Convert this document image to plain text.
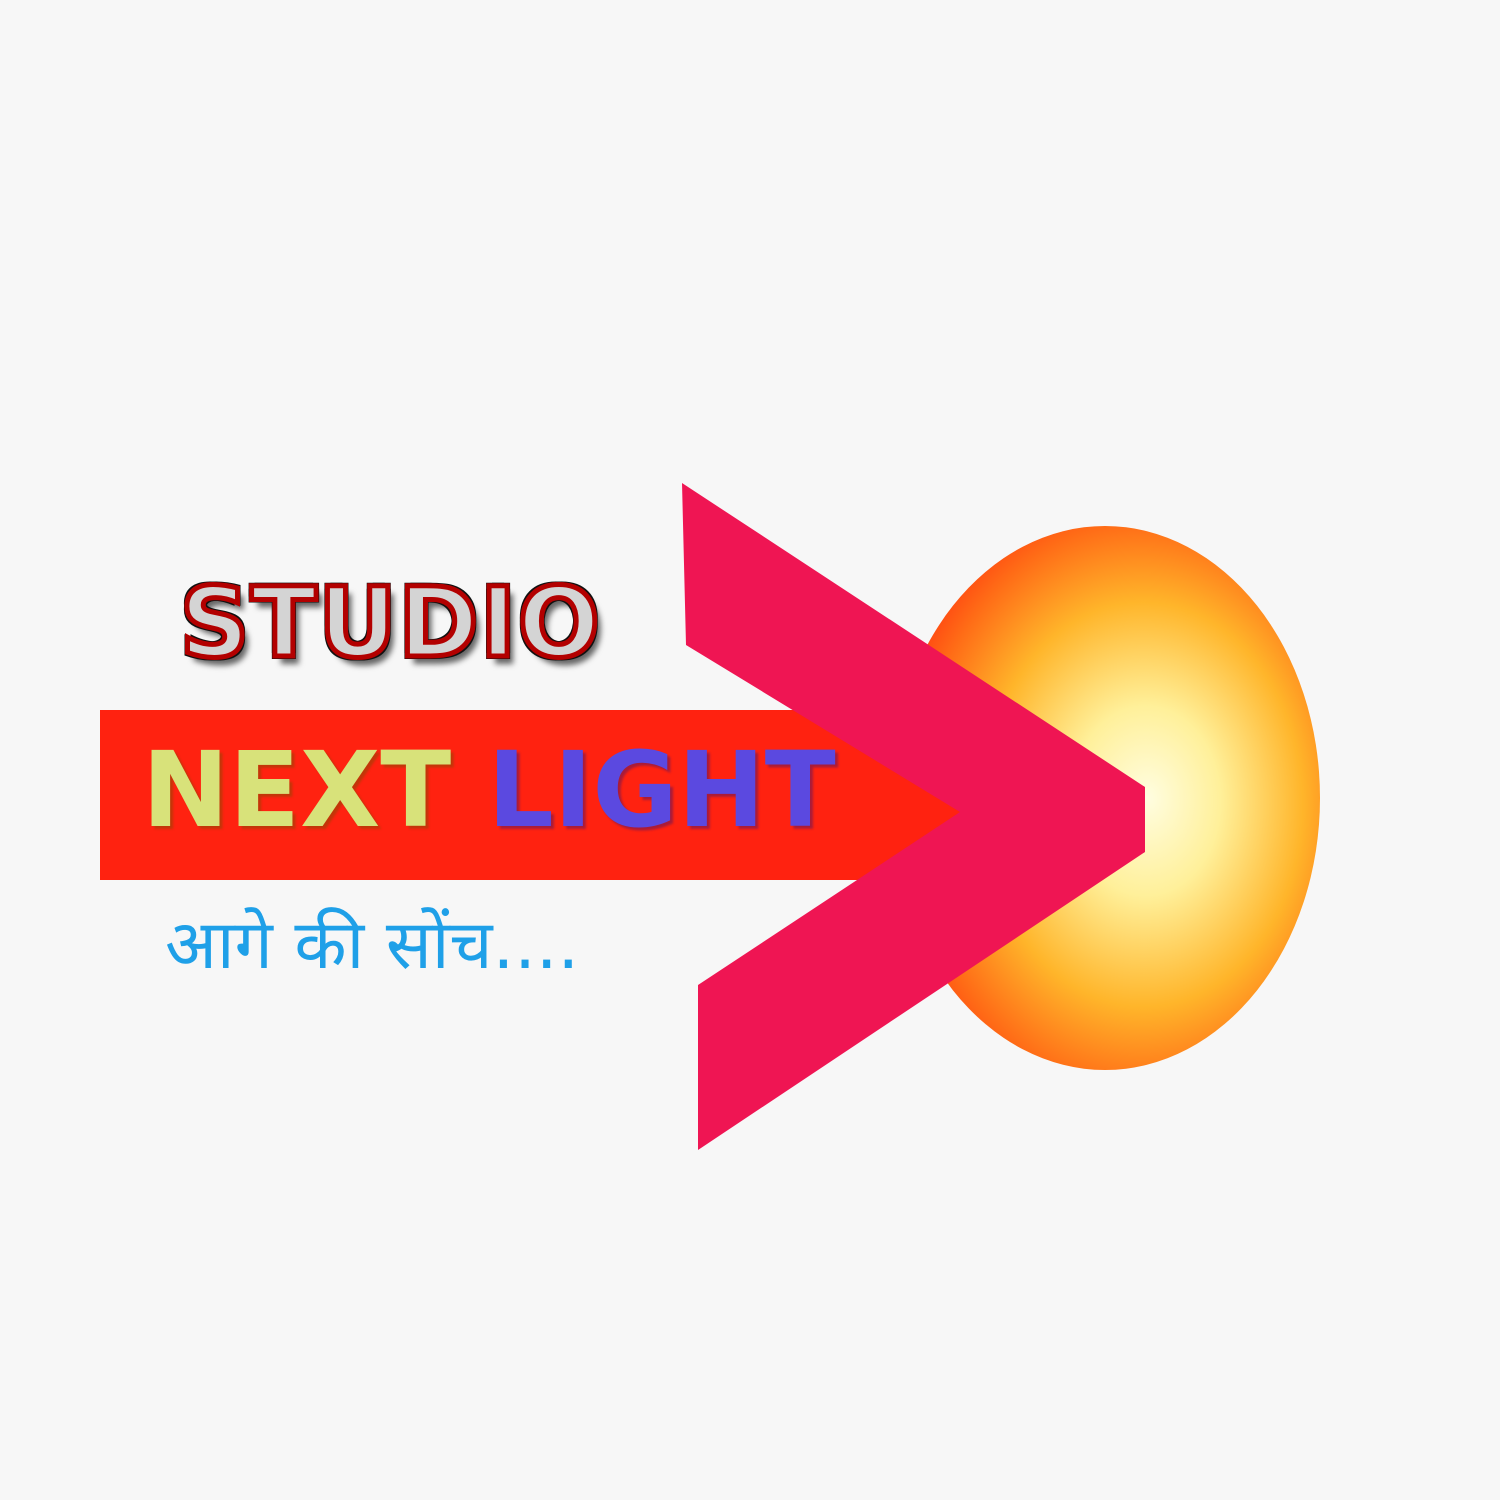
STUDIO
NEXT LIGHT
आगे की सोंच....
